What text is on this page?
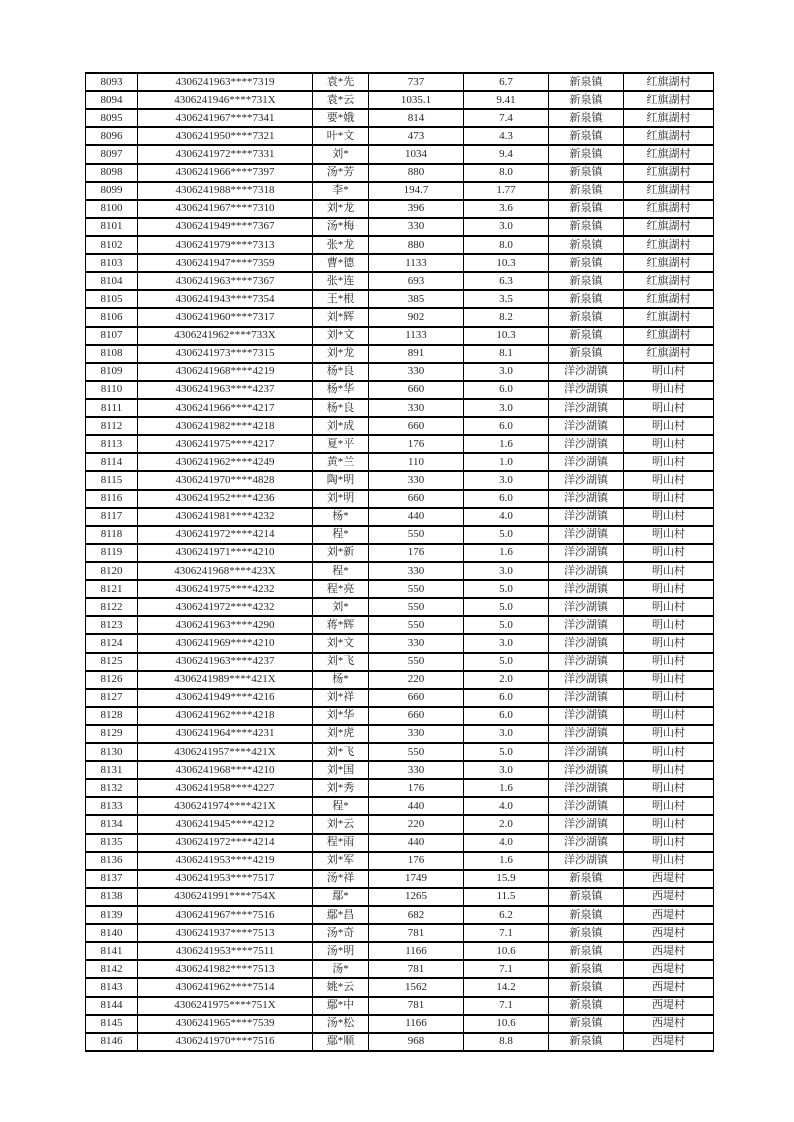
8093	4306241963****7319	袁*先	737	6.7	新泉镇	红旗湖村
8094	4306241946****731X	袁*云	1035.1	9.41	新泉镇	红旗湖村
8095	4306241967****7341	要*娥	814	7.4	新泉镇	红旗湖村
8096	4306241950****7321	叶*文	473	4.3	新泉镇	红旗湖村
8097	4306241972****7331	刘*	1034	9.4	新泉镇	红旗湖村
8098	4306241966****7397	汤*芳	880	8.0	新泉镇	红旗湖村
8099	4306241988****7318	李*	194.7	1.77	新泉镇	红旗湖村
8100	4306241967****7310	刘*龙	396	3.6	新泉镇	红旗湖村
8101	4306241949****7367	汤*梅	330	3.0	新泉镇	红旗湖村
8102	4306241979****7313	张*龙	880	8.0	新泉镇	红旗湖村
8103	4306241947****7359	曹*德	1133	10.3	新泉镇	红旗湖村
8104	4306241963****7367	张*连	693	6.3	新泉镇	红旗湖村
8105	4306241943****7354	王*根	385	3.5	新泉镇	红旗湖村
8106	4306241960****7317	刘*辉	902	8.2	新泉镇	红旗湖村
8107	4306241962****733X	刘*文	1133	10.3	新泉镇	红旗湖村
8108	4306241973****7315	刘*龙	891	8.1	新泉镇	红旗湖村
8109	4306241968****4219	杨*良	330	3.0	洋沙湖镇	明山村
8110	4306241963****4237	杨*华	660	6.0	洋沙湖镇	明山村
8111	4306241966****4217	杨*良	330	3.0	洋沙湖镇	明山村
8112	4306241982****4218	刘*成	660	6.0	洋沙湖镇	明山村
8113	4306241975****4217	夏*平	176	1.6	洋沙湖镇	明山村
8114	4306241962****4249	黄*兰	110	1.0	洋沙湖镇	明山村
8115	4306241970****4828	陶*明	330	3.0	洋沙湖镇	明山村
8116	4306241952****4236	刘*明	660	6.0	洋沙湖镇	明山村
8117	4306241981****4232	杨*	440	4.0	洋沙湖镇	明山村
8118	4306241972****4214	程*	550	5.0	洋沙湖镇	明山村
8119	4306241971****4210	刘*新	176	1.6	洋沙湖镇	明山村
8120	4306241968****423X	程*	330	3.0	洋沙湖镇	明山村
8121	4306241975****4232	程*亮	550	5.0	洋沙湖镇	明山村
8122	4306241972****4232	刘*	550	5.0	洋沙湖镇	明山村
8123	4306241963****4290	蒋*辉	550	5.0	洋沙湖镇	明山村
8124	4306241969****4210	刘*文	330	3.0	洋沙湖镇	明山村
8125	4306241963****4237	刘*飞	550	5.0	洋沙湖镇	明山村
8126	4306241989****421X	杨*	220	2.0	洋沙湖镇	明山村
8127	4306241949****4216	刘*祥	660	6.0	洋沙湖镇	明山村
8128	4306241962****4218	刘*华	660	6.0	洋沙湖镇	明山村
8129	4306241964****4231	刘*虎	330	3.0	洋沙湖镇	明山村
8130	4306241957****421X	刘*飞	550	5.0	洋沙湖镇	明山村
8131	4306241968****4210	刘*国	330	3.0	洋沙湖镇	明山村
8132	4306241958****4227	刘*秀	176	1.6	洋沙湖镇	明山村
8133	4306241974****421X	程*	440	4.0	洋沙湖镇	明山村
8134	4306241945****4212	刘*云	220	2.0	洋沙湖镇	明山村
8135	4306241972****4214	程*雨	440	4.0	洋沙湖镇	明山村
8136	4306241953****4219	刘*军	176	1.6	洋沙湖镇	明山村
8137	4306241953****7517	汤*祥	1749	15.9	新泉镇	西堤村
8138	4306241991****754X	鄢*	1265	11.5	新泉镇	西堤村
8139	4306241967****7516	鄢*昌	682	6.2	新泉镇	西堤村
8140	4306241937****7513	汤*奇	781	7.1	新泉镇	西堤村
8141	4306241953****7511	汤*明	1166	10.6	新泉镇	西堤村
8142	4306241982****7513	汤*	781	7.1	新泉镇	西堤村
8143	4306241962****7514	姚*云	1562	14.2	新泉镇	西堤村
8144	4306241975****751X	鄢*中	781	7.1	新泉镇	西堤村
8145	4306241965****7539	汤*松	1166	10.6	新泉镇	西堤村
8146	4306241970****7516	鄢*顺	968	8.8	新泉镇	西堤村
